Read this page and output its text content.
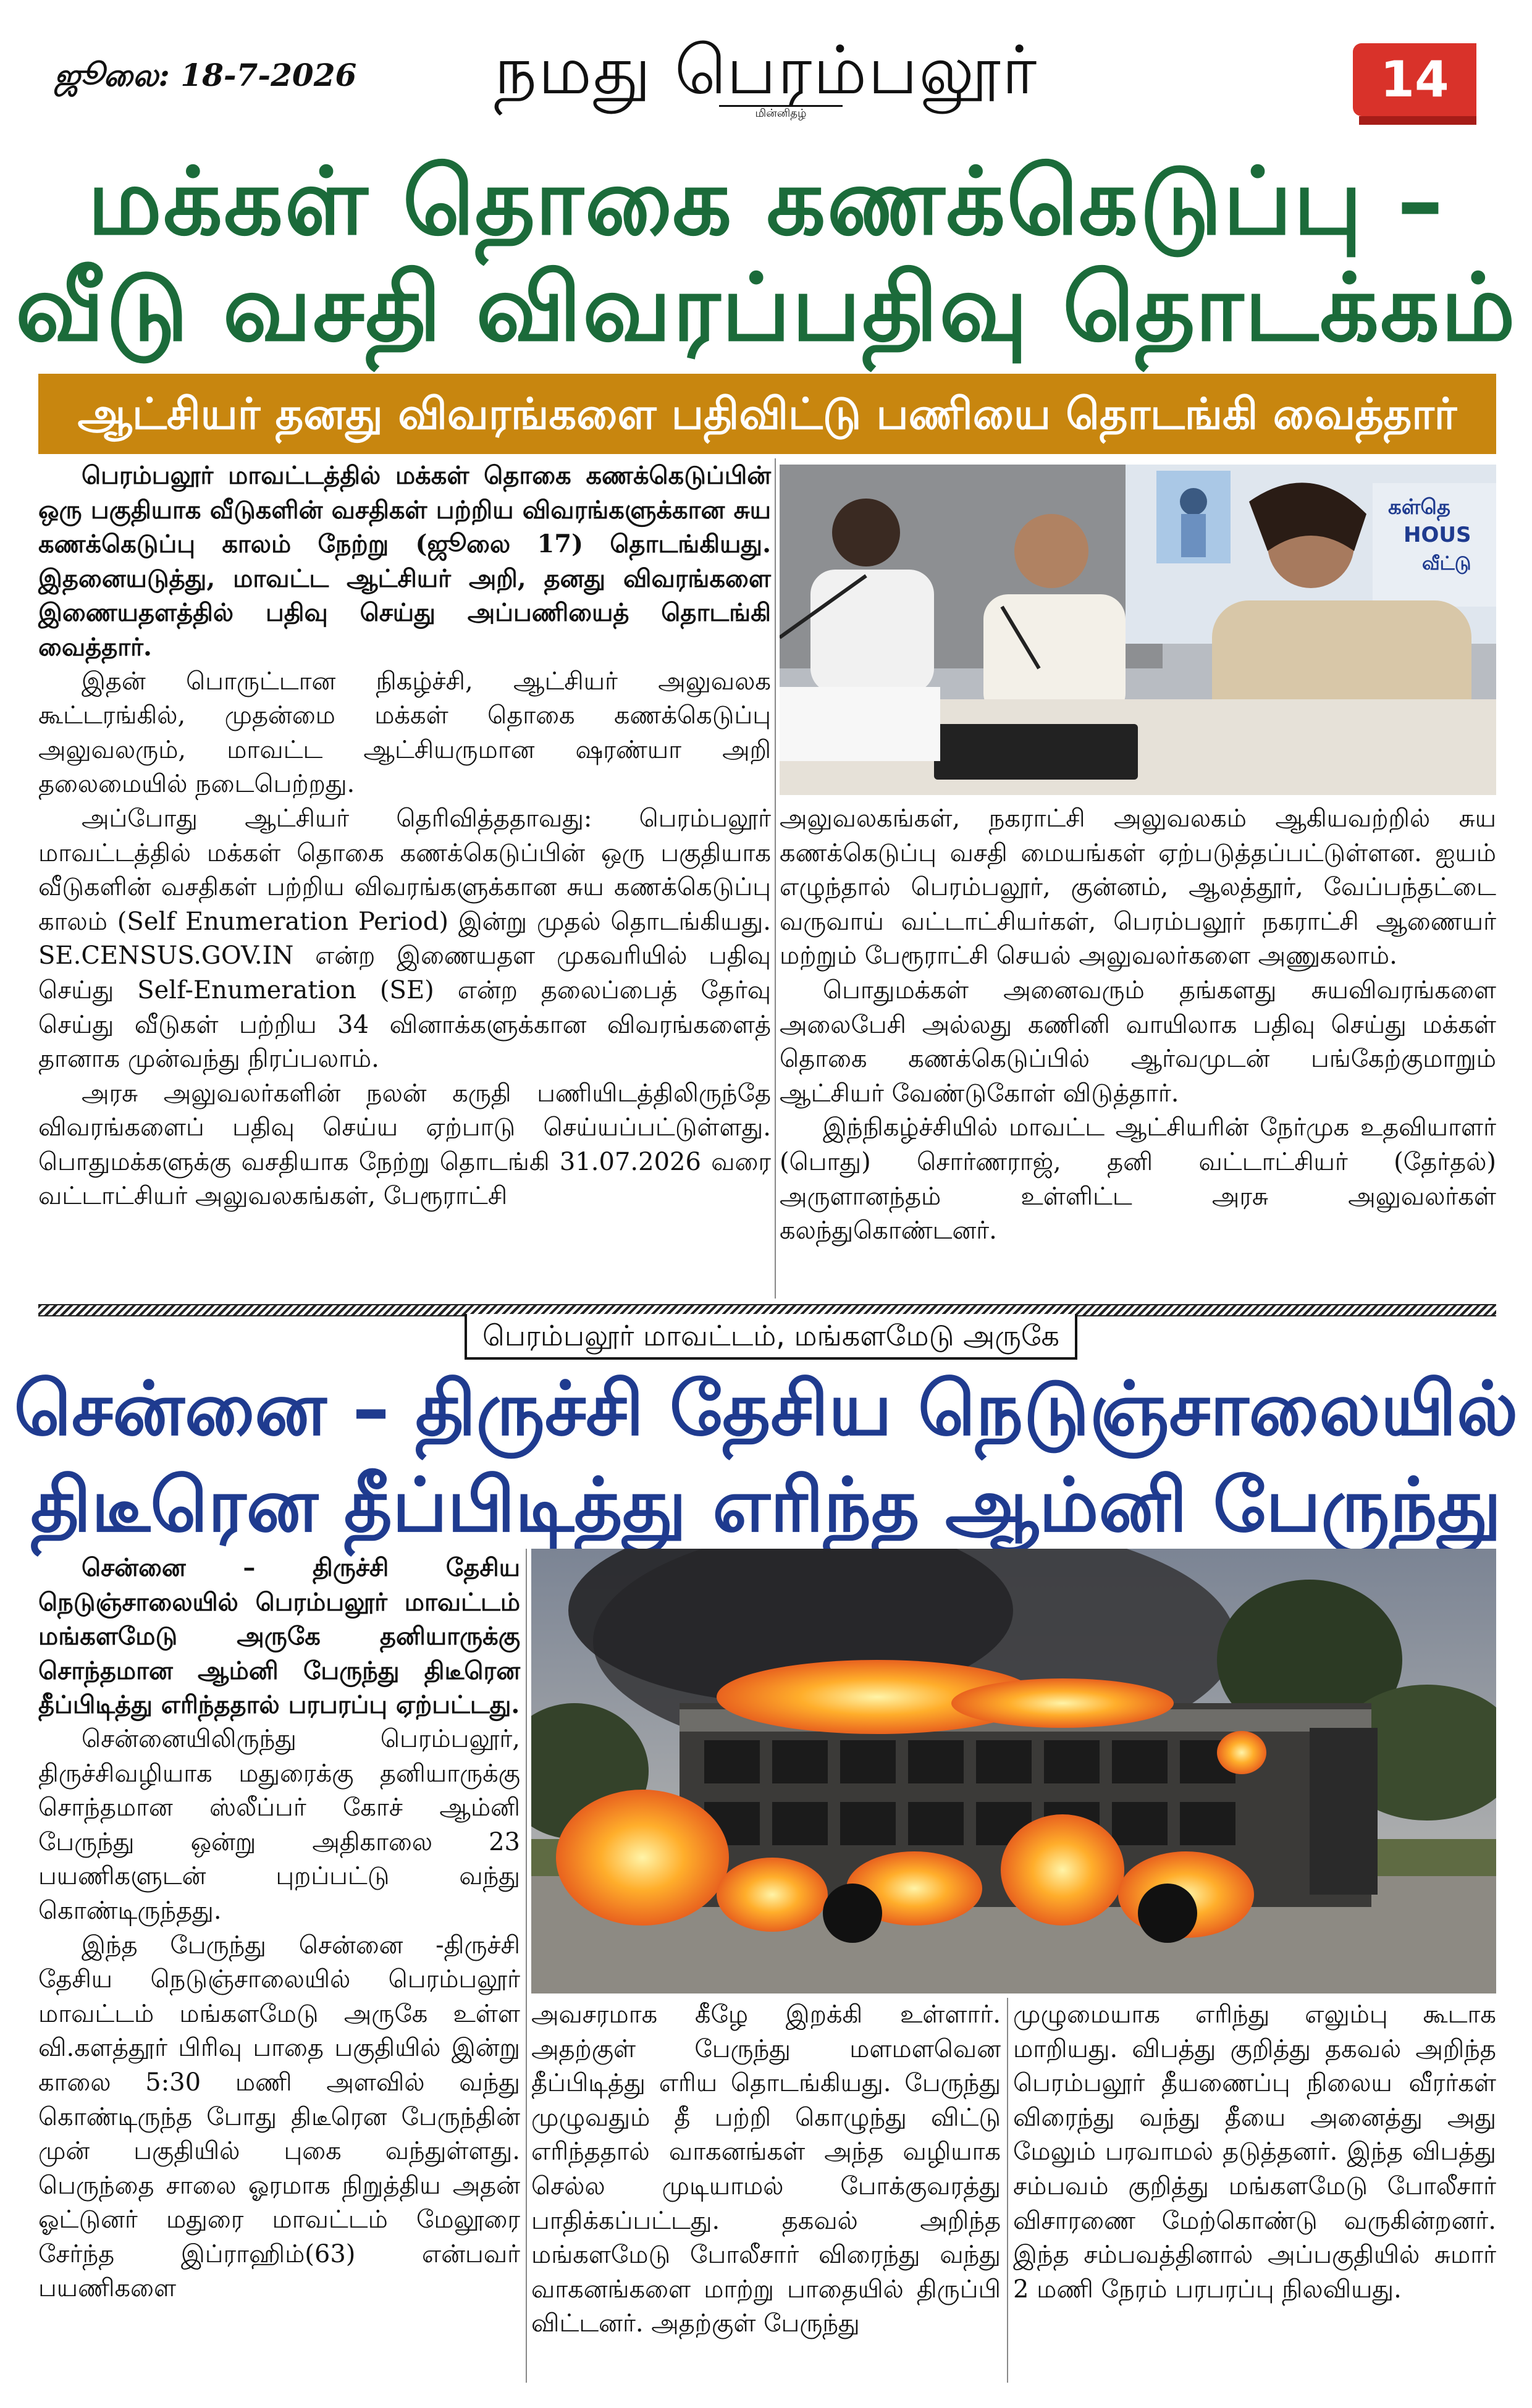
ஜூலை: 18-7-2026	நமது பெரம்பலூர்
மின்னிதழ்
14
மக்கள் தொகை கணக்கெடுப்பு –
வீடு வசதி விவரப்பதிவு தொடக்கம்
ஆட்சியர் தனது விவரங்களை பதிவிட்டு பணியை தொடங்கி வைத்தார்

பெரம்பலூர் மாவட்டத்தில் மக்கள் தொகை கணக்கெடுப்பின் ஒரு பகுதியாக வீடுகளின் வசதிகள் பற்றிய விவரங்களுக்கான சுய கணக்கெடுப்பு காலம் நேற்று (ஜூலை 17) தொடங்கியது. இதனையடுத்து, மாவட்ட ஆட்சியர் அறி, தனது விவரங்களை இணையதளத்தில் பதிவு செய்து அப்பணியைத் தொடங்கி வைத்தார்.

இதன் பொருட்டான நிகழ்ச்சி, ஆட்சியர் அலுவலக கூட்டரங்கில், முதன்மை மக்கள் தொகை கணக்கெடுப்பு அலுவலரும், மாவட்ட ஆட்சியருமான ஷரண்யா அறி தலைமையில் நடைபெற்றது.

அப்போது ஆட்சியர் தெரிவித்ததாவது: பெரம்பலூர் மாவட்டத்தில் மக்கள் தொகை கணக்கெடுப்பின் ஒரு பகுதியாக வீடுகளின் வசதிகள் பற்றிய விவரங்களுக்கான சுய கணக்கெடுப்பு காலம் (Self Enumeration Period) இன்று முதல் தொடங்கியது. SE.CENSUS.GOV.IN என்ற இணையதள முகவரியில் பதிவு செய்து Self-Enumeration (SE) என்ற தலைப்பைத் தேர்வு செய்து வீடுகள் பற்றிய 34 வினாக்களுக்கான விவரங்களைத் தானாக முன்வந்து நிரப்பலாம்.

அரசு அலுவலர்களின் நலன் கருதி பணியிடத்திலிருந்தே விவரங்களைப் பதிவு செய்ய ஏற்பாடு செய்யப்பட்டுள்ளது. பொதுமக்களுக்கு வசதியாக நேற்று தொடங்கி 31.07.2026 வரை வட்டாட்சியர் அலுவலகங்கள், பேரூராட்சி

கள்தெ
HOUS
வீட்டு

அலுவலகங்கள், நகராட்சி அலுவலகம் ஆகியவற்றில் சுய கணக்கெடுப்பு வசதி மையங்கள் ஏற்படுத்தப்பட்டுள்ளன. ஐயம் எழுந்தால் பெரம்பலூர், குன்னம், ஆலத்தூர், வேப்பந்தட்டை வருவாய் வட்டாட்சியர்கள், பெரம்பலூர் நகராட்சி ஆணையர் மற்றும் பேரூராட்சி செயல் அலுவலர்களை அணுகலாம்.

பொதுமக்கள் அனைவரும் தங்களது சுயவிவரங்களை அலைபேசி அல்லது கணினி வாயிலாக பதிவு செய்து மக்கள் தொகை கணக்கெடுப்பில் ஆர்வமுடன் பங்கேற்குமாறும் ஆட்சியர் வேண்டுகோள் விடுத்தார்.

இந்நிகழ்ச்சியில் மாவட்ட ஆட்சியரின் நேர்முக உதவியாளர் (பொது) சொர்ணராஜ், தனி வட்டாட்சியர் (தேர்தல்) அருளானந்தம் உள்ளிட்ட அரசு அலுவலர்கள் கலந்துகொண்டனர்.

பெரம்பலூர் மாவட்டம், மங்களமேடு அருகே
சென்னை – திருச்சி தேசிய நெடுஞ்சாலையில்
திடீரென தீப்பிடித்து எரிந்த ஆம்னி பேருந்து

சென்னை – திருச்சி தேசிய நெடுஞ்சாலையில் பெரம்பலூர் மாவட்டம் மங்களமேடு அருகே தனியாருக்கு சொந்தமான ஆம்னி பேருந்து திடீரென தீப்பிடித்து எரிந்ததால் பரபரப்பு ஏற்பட்டது.

சென்னையிலிருந்து பெரம்பலூர், திருச்சிவழியாக மதுரைக்கு தனியாருக்கு சொந்தமான ஸ்லீப்பர் கோச் ஆம்னி பேருந்து ஒன்று அதிகாலை 23 பயணிகளுடன் புறப்பட்டு வந்து கொண்டிருந்தது.

இந்த பேருந்து சென்னை -திருச்சி தேசிய நெடுஞ்சாலையில் பெரம்பலூர் மாவட்டம் மங்களமேடு அருகே உள்ள வி.களத்தூர் பிரிவு பாதை பகுதியில் இன்று காலை 5:30 மணி அளவில் வந்து கொண்டிருந்த போது திடீரென பேருந்தின் முன் பகுதியில் புகை வந்துள்ளது. பெருந்தை சாலை ஓரமாக நிறுத்திய அதன் ஓட்டுனர் மதுரை மாவட்டம் மேலூரை சேர்ந்த இப்ராஹிம்(63) என்பவர் பயணிகளை

அவசரமாக கீழே இறக்கி உள்ளார். அதற்குள் பேருந்து மளமளவென தீப்பிடித்து எரிய தொடங்கியது. பேருந்து முழுவதும் தீ பற்றி கொழுந்து விட்டு எரிந்ததால் வாகனங்கள் அந்த வழியாக செல்ல முடியாமல் போக்குவரத்து பாதிக்கப்பட்டது. தகவல் அறிந்த மங்களமேடு போலீசார் விரைந்து வந்து வாகனங்களை மாற்று பாதையில் திருப்பி விட்டனர். அதற்குள் பேருந்து

முழுமையாக எரிந்து எலும்பு கூடாக மாறியது. விபத்து குறித்து தகவல் அறிந்த பெரம்பலூர் தீயணைப்பு நிலைய வீரர்கள் விரைந்து வந்து தீயை அனைத்து அது மேலும் பரவாமல் தடுத்தனர். இந்த விபத்து சம்பவம் குறித்து மங்களமேடு போலீசார் விசாரணை மேற்கொண்டு வருகின்றனர். இந்த சம்பவத்தினால் அப்பகுதியில் சுமார் 2 மணி நேரம் பரபரப்பு நிலவியது.
